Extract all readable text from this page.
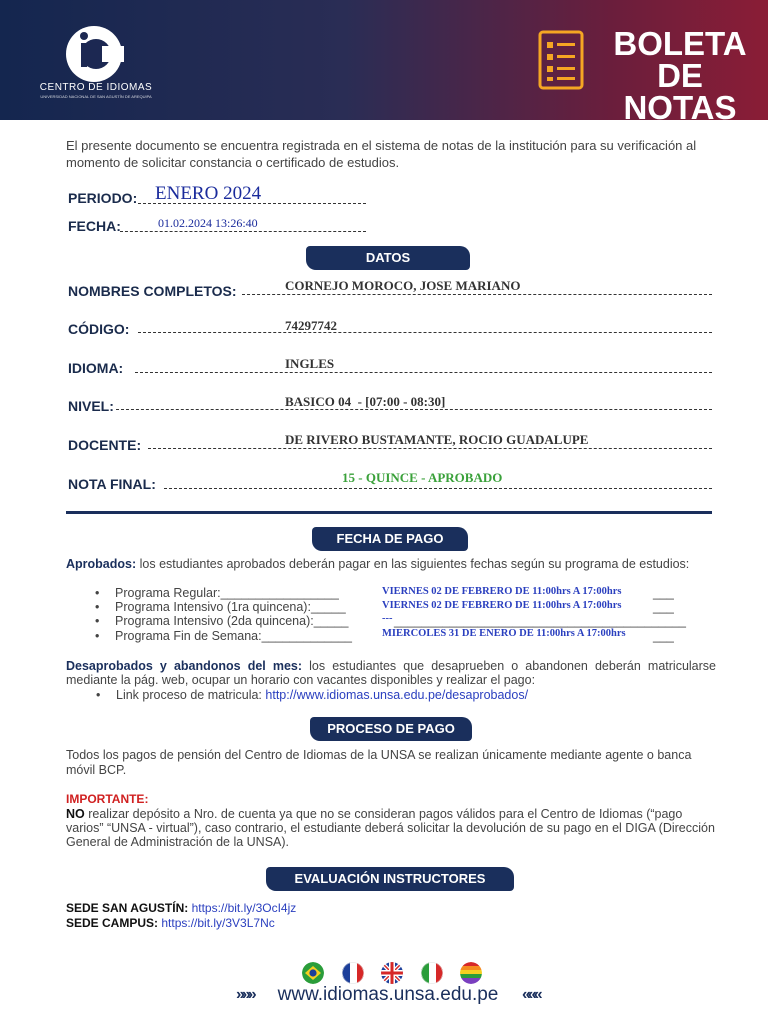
CENTRO DE IDIOMAS
UNIVERSIDAD NACIONAL DE SAN AGUSTÍN DE AREQUIPA
BOLETA
DE NOTAS
El presente documento se encuentra registrada en el sistema de notas de la institución para su verificación al momento de solicitar constancia o certificado de estudios.
PERIODO: ENERO 2024
FECHA:	01.02.2024 13:26:40
DATOS
NOMBRES COMPLETOS:	CORNEJO MOROCO, JOSE MARIANO
CÓDIGO:	74297742
IDIOMA:	INGLES
NIVEL:	BASICO 04  - [07:00 - 08:30]
DOCENTE:	DE RIVERO BUSTAMANTE, ROCIO GUADALUPE
NOTA FINAL:	15 - QUINCE - APROBADO
FECHA DE PAGO
Aprobados: los estudiantes aprobados deberán pagar en las siguientes fechas según su programa de estudios:
• Programa Regular:_________________	VIERNES 02 DE FEBRERO DE 11:00hrs A 17:00hrs	___
• Programa Intensivo (1ra quincena):_____	VIERNES 02 DE FEBRERO DE 11:00hrs A 17:00hrs	___
• Programa Intensivo (2da quincena):_____	--- __________________________________________
• Programa Fin de Semana:_____________	MIERCOLES 31 DE ENERO DE 11:00hrs A 17:00hrs ___
Desaprobados y abandonos del mes: los estudiantes que desaprueben o abandonen deberán matricularse mediante la pág. web, ocupar un horario con vacantes disponibles y realizar el pago:
• Link proceso de matricula: http://www.idiomas.unsa.edu.pe/desaprobados/
PROCESO DE PAGO
Todos los pagos de pensión del Centro de Idiomas de la UNSA se realizan únicamente mediante agente o banca móvil BCP.
IMPORTANTE:
NO realizar depósito a Nro. de cuenta ya que no se consideran pagos válidos para el Centro de Idiomas (“pago varios” “UNSA - virtual”), caso contrario, el estudiante deberá solicitar la devolución de su pago en el DIGA (Dirección General de Administración de la UNSA).
EVALUACIÓN INSTRUCTORES
SEDE SAN AGUSTÍN: https://bit.ly/3OcI4jz
SEDE CAMPUS: https://bit.ly/3V3L7Nc
»»»	www.idiomas.unsa.edu.pe	«««
